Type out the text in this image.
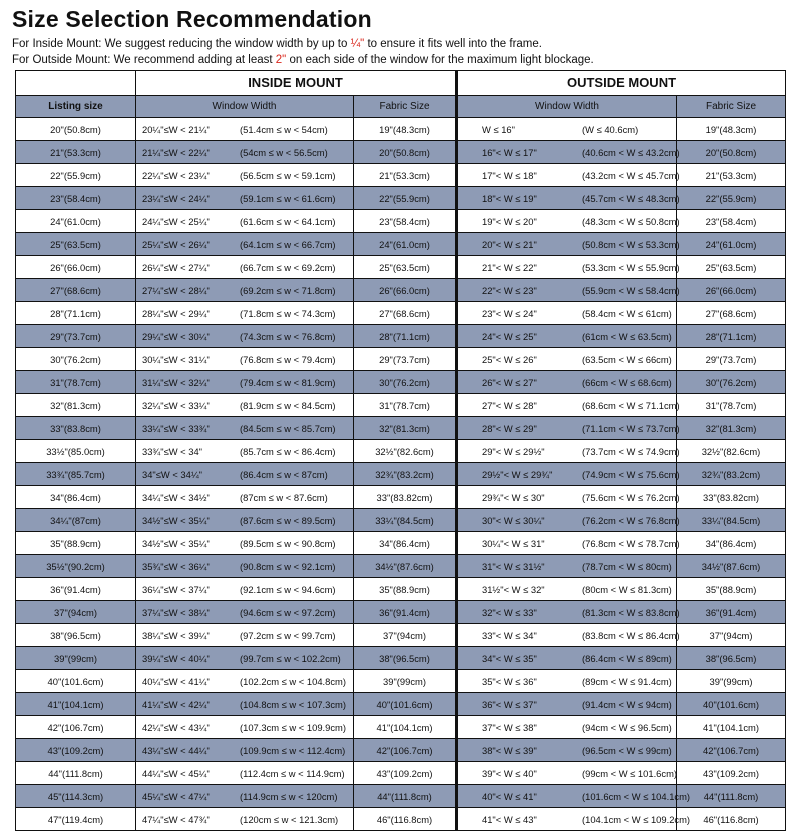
Size Selection Recommendation
For Inside Mount: We suggest reducing the window width by up to ¼" to ensure it fits well into the frame.
For Outside Mount: We recommend adding at least 2" on each side of the window for the maximum light blockage.
	INSIDE MOUNT		OUTSIDE MOUNT	
Listing size	Window Width	Fabric Size	Window Width	Fabric Size
20"(50.8cm)	20¼"≤W < 21¼" (51.4cm ≤ w < 54cm)	19"(48.3cm)	W ≤ 16" (W ≤ 40.6cm)	19"(48.3cm)
21"(53.3cm)	21¼"≤W < 22¼" (54cm ≤ w < 56.5cm)	20"(50.8cm)	16"< W ≤ 17" (40.6cm < W ≤ 43.2cm)	20"(50.8cm)
22"(55.9cm)	22¼"≤W < 23¼" (56.5cm ≤ w < 59.1cm)	21"(53.3cm)	17"< W ≤ 18" (43.2cm < W ≤ 45.7cm)	21"(53.3cm)
23"(58.4cm)	23¼"≤W < 24¼" (59.1cm ≤ w < 61.6cm)	22"(55.9cm)	18"< W ≤ 19" (45.7cm < W ≤ 48.3cm)	22"(55.9cm)
24"(61.0cm)	24¼"≤W < 25¼" (61.6cm ≤ w < 64.1cm)	23"(58.4cm)	19"< W ≤ 20" (48.3cm < W ≤ 50.8cm)	23"(58.4cm)
25"(63.5cm)	25¼"≤W < 26¼" (64.1cm ≤ w < 66.7cm)	24"(61.0cm)	20"< W ≤ 21" (50.8cm < W ≤ 53.3cm)	24"(61.0cm)
26"(66.0cm)	26¼"≤W < 27¼" (66.7cm ≤ w < 69.2cm)	25"(63.5cm)	21"< W ≤ 22" (53.3cm < W ≤ 55.9cm)	25"(63.5cm)
27"(68.6cm)	27¼"≤W < 28¼" (69.2cm ≤ w < 71.8cm)	26"(66.0cm)	22"< W ≤ 23" (55.9cm < W ≤ 58.4cm)	26"(66.0cm)
28"(71.1cm)	28¼"≤W < 29¼" (71.8cm ≤ w < 74.3cm)	27"(68.6cm)	23"< W ≤ 24" (58.4cm < W ≤ 61cm)	27"(68.6cm)
29"(73.7cm)	29¼"≤W < 30¼" (74.3cm ≤ w < 76.8cm)	28"(71.1cm)	24"< W ≤ 25" (61cm < W ≤ 63.5cm)	28"(71.1cm)
30"(76.2cm)	30¼"≤W < 31¼" (76.8cm ≤ w < 79.4cm)	29"(73.7cm)	25"< W ≤ 26" (63.5cm < W ≤ 66cm)	29"(73.7cm)
31"(78.7cm)	31¼"≤W < 32¼" (79.4cm ≤ w < 81.9cm)	30"(76.2cm)	26"< W ≤ 27" (66cm < W ≤ 68.6cm)	30"(76.2cm)
32"(81.3cm)	32¼"≤W < 33¼" (81.9cm ≤ w < 84.5cm)	31"(78.7cm)	27"< W ≤ 28" (68.6cm < W ≤ 71.1cm)	31"(78.7cm)
33"(83.8cm)	33¼"≤W < 33¾" (84.5cm ≤ w < 85.7cm)	32"(81.3cm)	28"< W ≤ 29" (71.1cm < W ≤ 73.7cm)	32"(81.3cm)
33½"(85.0cm)	33¾"≤W < 34" (85.7cm ≤ w < 86.4cm)	32½"(82.6cm)	29"< W ≤ 29½" (73.7cm < W ≤ 74.9cm)	32½"(82.6cm)
33¾"(85.7cm)	34"≤W < 34¼" (86.4cm ≤ w < 87cm)	32¾"(83.2cm)	29½"< W ≤ 29¾" (74.9cm < W ≤ 75.6cm)	32¾"(83.2cm)
34"(86.4cm)	34¼"≤W < 34½" (87cm ≤ w < 87.6cm)	33"(83.82cm)	29¾"< W ≤ 30" (75.6cm < W ≤ 76.2cm)	33"(83.82cm)
34¼"(87cm)	34½"≤W < 35¼" (87.6cm ≤ w < 89.5cm)	33¼"(84.5cm)	30"< W ≤ 30¼" (76.2cm < W ≤ 76.8cm)	33¼"(84.5cm)
35"(88.9cm)	34½"≤W < 35¼" (89.5cm ≤ w < 90.8cm)	34"(86.4cm)	30¼"< W ≤ 31" (76.8cm < W ≤ 78.7cm)	34"(86.4cm)
35½"(90.2cm)	35¾"≤W < 36¼" (90.8cm ≤ w < 92.1cm)	34½"(87.6cm)	31"< W ≤ 31½" (78.7cm < W ≤ 80cm)	34½"(87.6cm)
36"(91.4cm)	36¼"≤W < 37¼" (92.1cm ≤ w < 94.6cm)	35"(88.9cm)	31½"< W ≤ 32" (80cm < W ≤ 81.3cm)	35"(88.9cm)
37"(94cm)	37¼"≤W < 38¼" (94.6cm ≤ w < 97.2cm)	36"(91.4cm)	32"< W ≤ 33" (81.3cm < W ≤ 83.8cm)	36"(91.4cm)
38"(96.5cm)	38¼"≤W < 39¼" (97.2cm ≤ w < 99.7cm)	37"(94cm)	33"< W ≤ 34" (83.8cm < W ≤ 86.4cm)	37"(94cm)
39"(99cm)	39¼"≤W < 40¼" (99.7cm ≤ w < 102.2cm)	38"(96.5cm)	34"< W ≤ 35" (86.4cm < W ≤ 89cm)	38"(96.5cm)
40"(101.6cm)	40¼"≤W < 41¼" (102.2cm ≤ w < 104.8cm)	39"(99cm)	35"< W ≤ 36" (89cm < W ≤ 91.4cm)	39"(99cm)
41"(104.1cm)	41¼"≤W < 42¼" (104.8cm ≤ w < 107.3cm)	40"(101.6cm)	36"< W ≤ 37" (91.4cm < W ≤ 94cm)	40"(101.6cm)
42"(106.7cm)	42¼"≤W < 43¼" (107.3cm ≤ w < 109.9cm)	41"(104.1cm)	37"< W ≤ 38" (94cm < W ≤ 96.5cm)	41"(104.1cm)
43"(109.2cm)	43¼"≤W < 44¼" (109.9cm ≤ w < 112.4cm)	42"(106.7cm)	38"< W ≤ 39" (96.5cm < W ≤ 99cm)	42"(106.7cm)
44"(111.8cm)	44¼"≤W < 45¼" (112.4cm ≤ w < 114.9cm)	43"(109.2cm)	39"< W ≤ 40" (99cm < W ≤ 101.6cm)	43"(109.2cm)
45"(114.3cm)	45¼"≤W < 47¼" (114.9cm ≤ w < 120cm)	44"(111.8cm)	40"< W ≤ 41" (101.6cm < W ≤ 104.1cm)	44"(111.8cm)
47"(119.4cm)	47¼"≤W < 47¾" (120cm ≤ w < 121.3cm)	46"(116.8cm)	41"< W ≤ 43" (104.1cm < W ≤ 109.2cm)	46"(116.8cm)
